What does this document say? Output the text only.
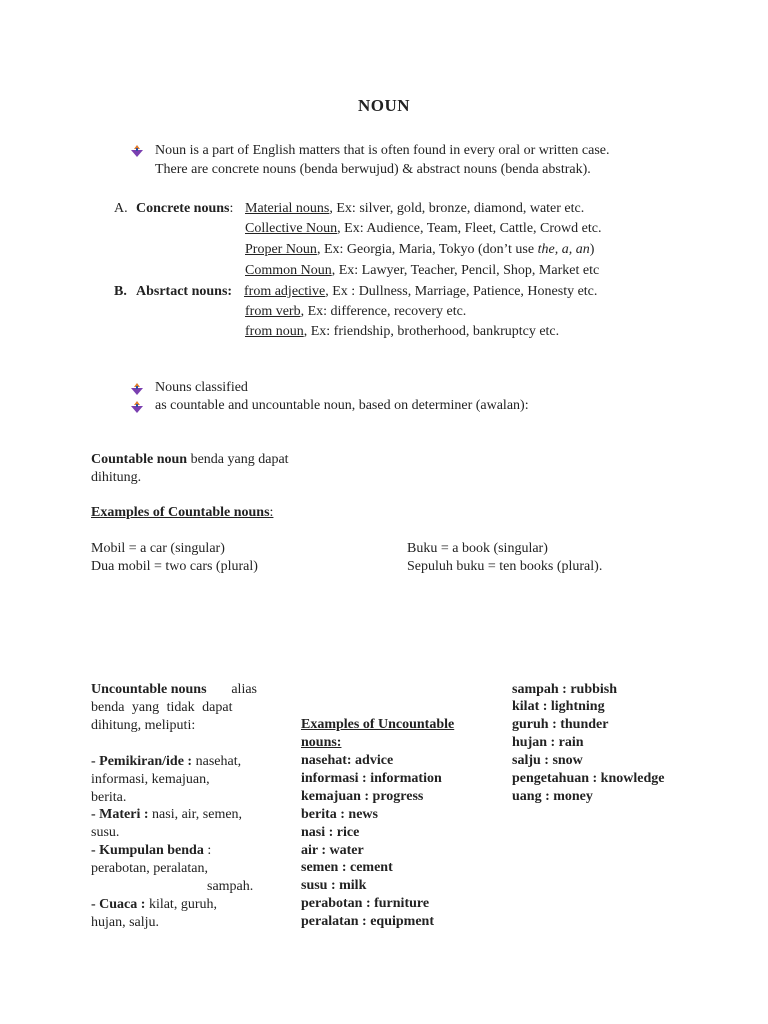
NOUN
Noun is a part of English matters that is often found in every oral or written case.
There are concrete nouns (benda berwujud) & abstract nouns (benda abstrak).
A. Concrete nouns: Material nouns, Ex: silver, gold, bronze, diamond, water etc.
Collective Noun, Ex: Audience, Team, Fleet, Cattle, Crowd etc.
Proper Noun, Ex: Georgia, Maria, Tokyo (don’t use the, a, an)
Common Noun, Ex: Lawyer, Teacher, Pencil, Shop, Market etc
B. Absrtact nouns: from adjective, Ex : Dullness, Marriage, Patience, Honesty etc.
from verb, Ex: difference, recovery etc.
from noun, Ex: friendship, brotherhood, bankruptcy etc.
Nouns classified
as countable and uncountable noun, based on determiner (awalan):
Countable noun benda yang dapat
dihitung.
Examples of Countable nouns:
Mobil = a car (singular)
Dua mobil = two cars (plural)
Buku = a book (singular)
Sepuluh buku = ten books (plural).
Uncountable nouns alias
benda yang tidak dapat
dihitung, meliputi:
- Pemikiran/ide : nasehat,
informasi, kemajuan,
berita.
- Materi : nasi, air, semen,
susu.
- Kumpulan benda :
perabotan, peralatan,
sampah.
- Cuaca : kilat, guruh,
hujan, salju.
Examples of Uncountable
nouns:
nasehat: advice
informasi : information
kemajuan : progress
berita : news
nasi : rice
air : water
semen : cement
susu : milk
perabotan : furniture
peralatan : equipment
sampah : rubbish
kilat : lightning
guruh : thunder
hujan : rain
salju : snow
pengetahuan : knowledge
uang : money
